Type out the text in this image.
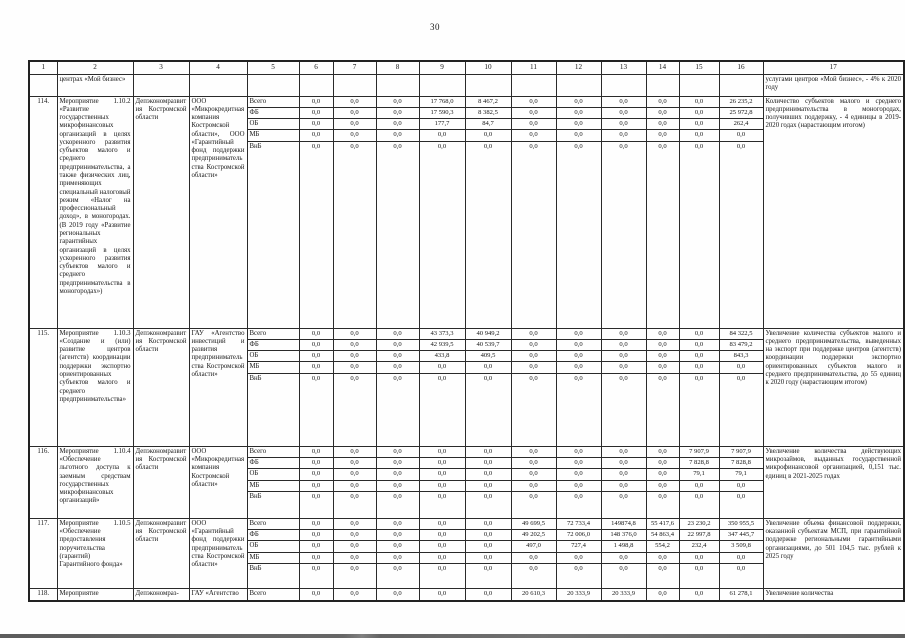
30
1	2	3	4	5	6	7	8	9	10	11	12	13	14	15	16	17
	центрах «Мой бизнес»															услугами центров «Мой бизнес», - 4% к 2020 году
114.	Мероприятие 1.10.2 «Развитие государственных микрофинансовых организаций в целях ускоренного развития субъектов малого и среднего предпринимательства, а также физических лиц, применяющих специальный налоговый режим «Налог на профессиональный доход», в моногородах. (В 2019 году «Развитие региональных гарантийных организаций в целях ускоренного развития субъектов малого и среднего предпринимательства в моногородах»)	Депэкономразвития Костромской области	ООО «Микрокредитная компания Костромской области», ООО «Гарантийный фонд поддержки предпринимательства Костромской области»	Всего	0,0	0,0	0,0	17 768,0	8 467,2	0,0	0,0	0,0	0,0	0,0	26 235,2	Количество субъектов малого и среднего предпринимательства в моногородах, получивших поддержку, - 4 единицы в 2019-2020 годах (нарастающим итогом)
				ФБ	0,0	0,0	0,0	17 590,3	8 382,5	0,0	0,0	0,0	0,0	0,0	25 972,8	
				ОБ	0,0	0,0	0,0	177,7	84,7	0,0	0,0	0,0	0,0	0,0	262,4	
				МБ	0,0	0,0	0,0	0,0	0,0	0,0	0,0	0,0	0,0	0,0	0,0	
				ВнБ	0,0	0,0	0,0	0,0	0,0	0,0	0,0	0,0	0,0	0,0	0,0	
115.	Мероприятие 1.10.3 «Создание и (или) развитие центров (агентств) координации поддержки экспортно ориентированных субъектов малого и среднего предпринимательства»	Депэкономразвития Костромской области	ГАУ «Агентство инвестиций и развития предпринимательства Костромской области»	Всего	0,0	0,0	0,0	43 373,3	40 949,2	0,0	0,0	0,0	0,0	0,0	84 322,5	Увеличение количества субъектов малого и среднего предпринимательства, выведенных на экспорт при поддержке центров (агентств) координации поддержки экспортно ориентированных субъектов малого и среднего предпринимательства, до 55 единиц к 2020 году (нарастающим итогом)
				ФБ	0,0	0,0	0,0	42 939,5	40 539,7	0,0	0,0	0,0	0,0	0,0	83 479,2	
				ОБ	0,0	0,0	0,0	433,8	409,5	0,0	0,0	0,0	0,0	0,0	843,3	
				МБ	0,0	0,0	0,0	0,0	0,0	0,0	0,0	0,0	0,0	0,0	0,0	
				ВнБ	0,0	0,0	0,0	0,0	0,0	0,0	0,0	0,0	0,0	0,0	0,0	
116.	Мероприятие 1.10.4 «Обеспечение льготного доступа к заемным средствам государственных микрофинансовых организаций»	Депэкономразвития Костромской области	ООО «Микрокредитная компания Костромской области»	Всего	0,0	0,0	0,0	0,0	0,0	0,0	0,0	0,0	0,0	7 907,9	7 907,9	Увеличение количества действующих микрозаймов, выданных государственной микрофинансовой организацией, 0,151 тыс. единиц в 2021-2025 годах
				ФБ	0,0	0,0	0,0	0,0	0,0	0,0	0,0	0,0	0,0	7 828,8	7 828,8	
				ОБ	0,0	0,0	0,0	0,0	0,0	0,0	0,0	0,0	0,0	79,1	79,1	
				МБ	0,0	0,0	0,0	0,0	0,0	0,0	0,0	0,0	0,0	0,0	0,0	
				ВнБ	0,0	0,0	0,0	0,0	0,0	0,0	0,0	0,0	0,0	0,0	0,0	
117.	Мероприятие 1.10.5 «Обеспечение предоставления поручительства (гарантий) Гарантийного фонда»	Депэкономразвития Костромской области	ООО «Гарантийный фонд поддержки предпринимательства Костромской области»	Всего	0,0	0,0	0,0	0,0	0,0	49 699,5	72 733,4	149874,8	55 417,6	23 230,2	350 955,5	Увеличение объема финансовой поддержки, оказанной субъектам МСП, при гарантийной поддержке региональными гарантийными организациями, до 501 104,5 тыс. рублей к 2025 году
				ФБ	0,0	0,0	0,0	0,0	0,0	49 202,5	72 006,0	148 376,0	54 863,4	22 997,8	347 445,7	
				ОБ	0,0	0,0	0,0	0,0	0,0	497,0	727,4	1 498,8	554,2	232,4	3 509,8	
				МБ	0,0	0,0	0,0	0,0	0,0	0,0	0,0	0,0	0,0	0,0	0,0	
				ВнБ	0,0	0,0	0,0	0,0	0,0	0,0	0,0	0,0	0,0	0,0	0,0	
118.	Мероприятие	Депэкономраз-	ГАУ «Агентство	Всего	0,0	0,0	0,0	0,0	0,0	20 610,3	20 333,9	20 333,9	0,0	0,0	61 278,1	Увеличение количества
